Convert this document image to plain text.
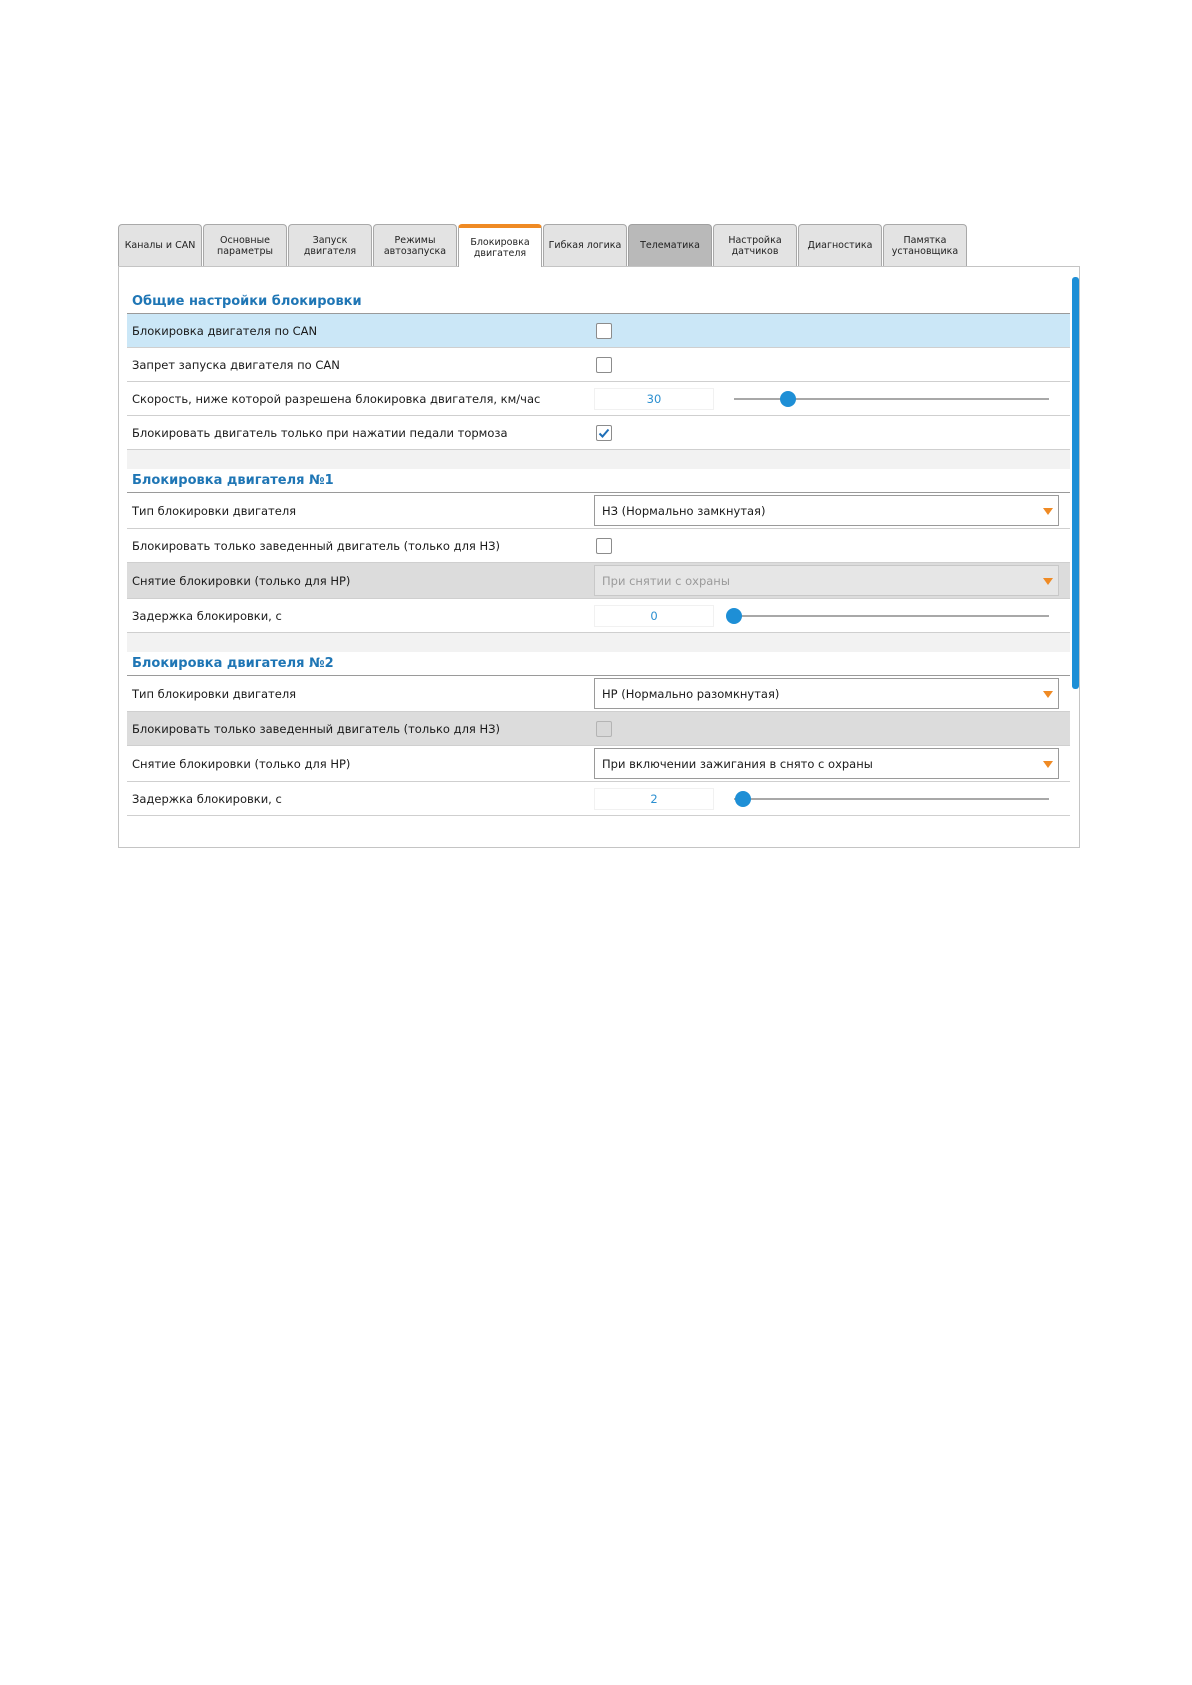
Каналы и CAN	Основные
параметры
Запуск двигателя
Режимы
автозапуска
Блокировка
двигателя
Гибкая логика Телематика	Настройка
датчиков	Диагностика	Памятка
установщика
Общие настройки блокировки
Блокировка двигателя по CAN
Запрет запуска двигателя по CAN
Скорость, ниже которой разрешена блокировка двигателя, км/час	30
Блокировать двигатель только при нажатии педали тормоза
Блокировка двигателя №1
Тип блокировки двигателя	НЗ (Нормально замкнутая)
Блокировать только заведенный двигатель (только для НЗ)
Снятие блокировки (только для НР)	При снятии с охраны
Задержка блокировки, с	0
Блокировка двигателя №2
Тип блокировки двигателя	НР (Нормально разомкнутая)
Блокировать только заведенный двигатель (только для НЗ)
Снятие блокировки (только для НР)	При включении зажигания в снято с охраны
Задержка блокировки, с	2
